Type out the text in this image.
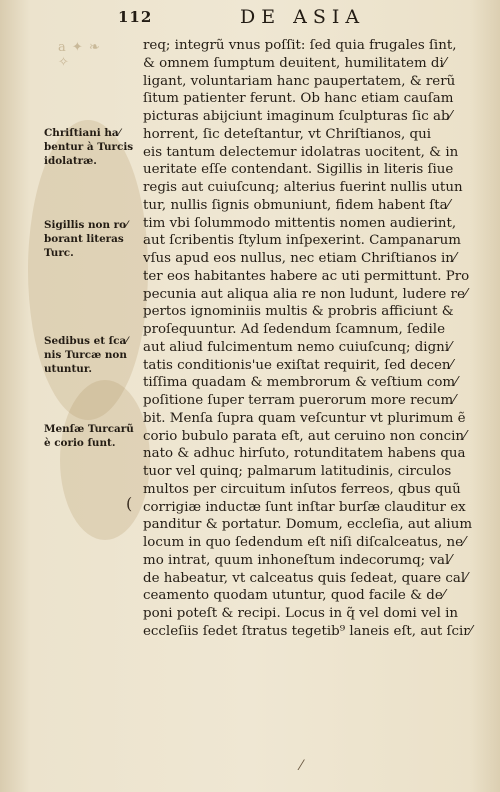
112	DE ASIA
a ✦ ❧ ✧
req; integrũ vnus poſſit: ſed quia frugales ſint,
& omnem ſumptum deuitent, humilitatem di⁄
ligant, voluntariam hanc paupertatem, & rerũ
ſitum patienter ferunt. Ob hanc etiam cauſam
picturas abijciunt imaginum ſculpturas ſic ab⁄
horrent, ſic deteſtantur, vt Chriſtianos, qui
eis tantum delectemur idolatras uocitent, & in
ueritate eſſe contendant. Sigillis in literis ſiue
regis aut cuiuſcunq; alterius fuerint nullis utun
tur, nullis ſignis obmuniunt, fidem habent ſta⁄
tim vbi ſolummodo mittentis nomen audierint,
aut ſcribentis ſtylum inſpexerint. Campanarum
vſus apud eos nullus, nec etiam Chriſtianos in⁄
ter eos habitantes habere ac uti permittunt. Pro
pecunia aut aliqua alia re non ludunt, ludere re⁄
pertos ignominiis multis & probris afficiunt &
proſequuntur. Ad ſedendum ſcamnum, ſedile
aut aliud fulcimentum nemo cuiuſcunq; digni⁄
tatis conditionis'ue exiſtat requirit, ſed decen⁄
tiſſima quadam & membrorum & veſtium com⁄
poſitione ſuper terram puerorum more recum⁄
bit. Menſa ſupra quam veſcuntur vt plurimum ẽ
corio bubulo parata eſt, aut ceruino non concin⁄
nato & adhuc hirſuto, rotunditatem habens qua
tuor vel quinq; palmarum latitudinis, circulos
multos per circuitum inſutos ferreos, qbus quũ
corrigiæ inductæ ſunt inſtar burſæ clauditur ex
panditur & portatur. Domum, eccleſia, aut alium
locum in quo ſedendum eſt niſi diſcalceatus, ne⁄
mo intrat, quum inhoneſtum indecorumq; val⁄
de habeatur, vt calceatus quis ſedeat, quare cal⁄
ceamento quodam utuntur, quod facile & de⁄
poni poteſt & recipi. Locus in q̃ vel domi vel in
eccleſiis ſedet ſtratus tegetib⁹ laneis eſt, aut ſcir⁄
Chriſtiani ha⁄
bentur à Turcis
idolatræ.
Sigillis non ro⁄
borant literas
Turc.
Sedibus et ſca⁄
nis Turcæ non
utuntur.
Menſæ Turcarũ
è corio ſunt.
(
⁄
